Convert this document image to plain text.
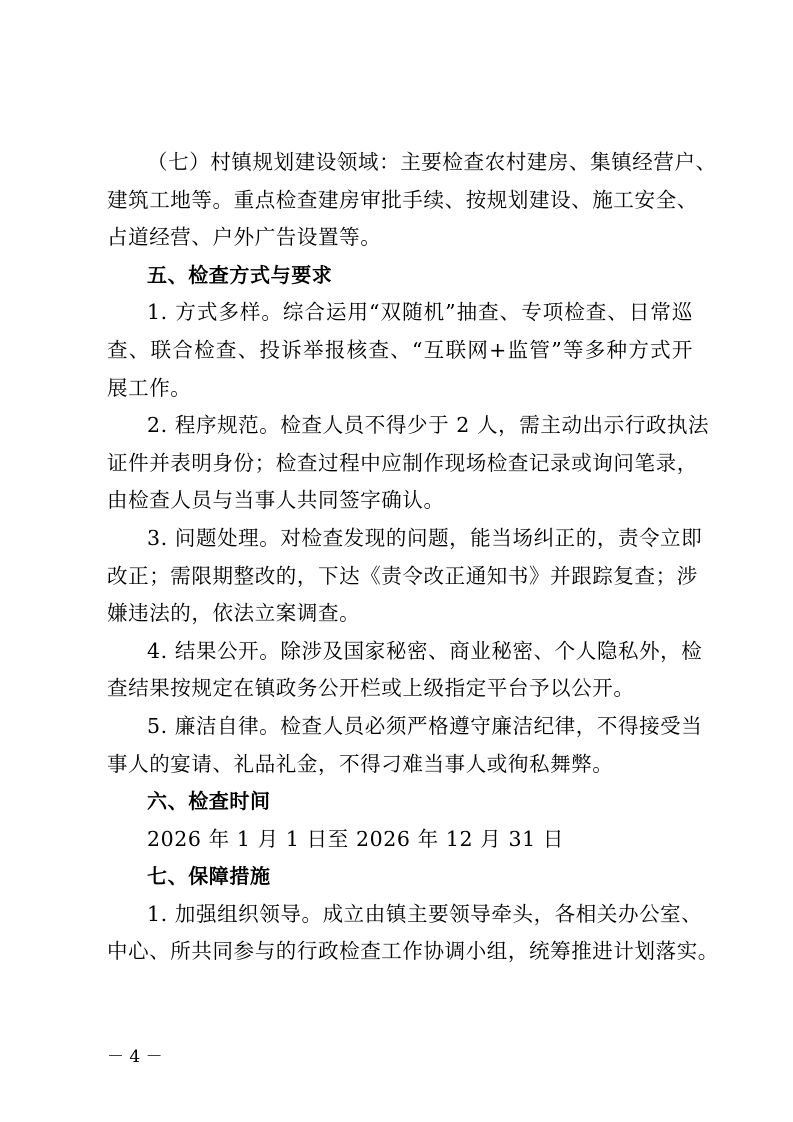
（七）村镇规划建设领域：主要检查农村建房、集镇经营户、
建筑工地等。重点检查建房审批手续、按规划建设、施工安全、
占道经营、户外广告设置等。
五、检查方式与要求
1. 方式多样。综合运用“双随机”抽查、专项检查、日常巡
查、联合检查、投诉举报核查、“互联网+监管”等多种方式开
展工作。
2. 程序规范。检查人员不得少于 2 人，需主动出示行政执法
证件并表明身份；检查过程中应制作现场检查记录或询问笔录，
由检查人员与当事人共同签字确认。
3. 问题处理。对检查发现的问题，能当场纠正的，责令立即
改正；需限期整改的，下达《责令改正通知书》并跟踪复查；涉
嫌违法的，依法立案调查。
4. 结果公开。除涉及国家秘密、商业秘密、个人隐私外，检
查结果按规定在镇政务公开栏或上级指定平台予以公开。
5. 廉洁自律。检查人员必须严格遵守廉洁纪律，不得接受当
事人的宴请、礼品礼金，不得刁难当事人或徇私舞弊。
六、检查时间
2026 年 1 月 1 日至 2026 年 12 月 31 日
七、保障措施
1. 加强组织领导。成立由镇主要领导牵头，各相关办公室、
中心、所共同参与的行政检查工作协调小组，统筹推进计划落实。
－ 4 －
